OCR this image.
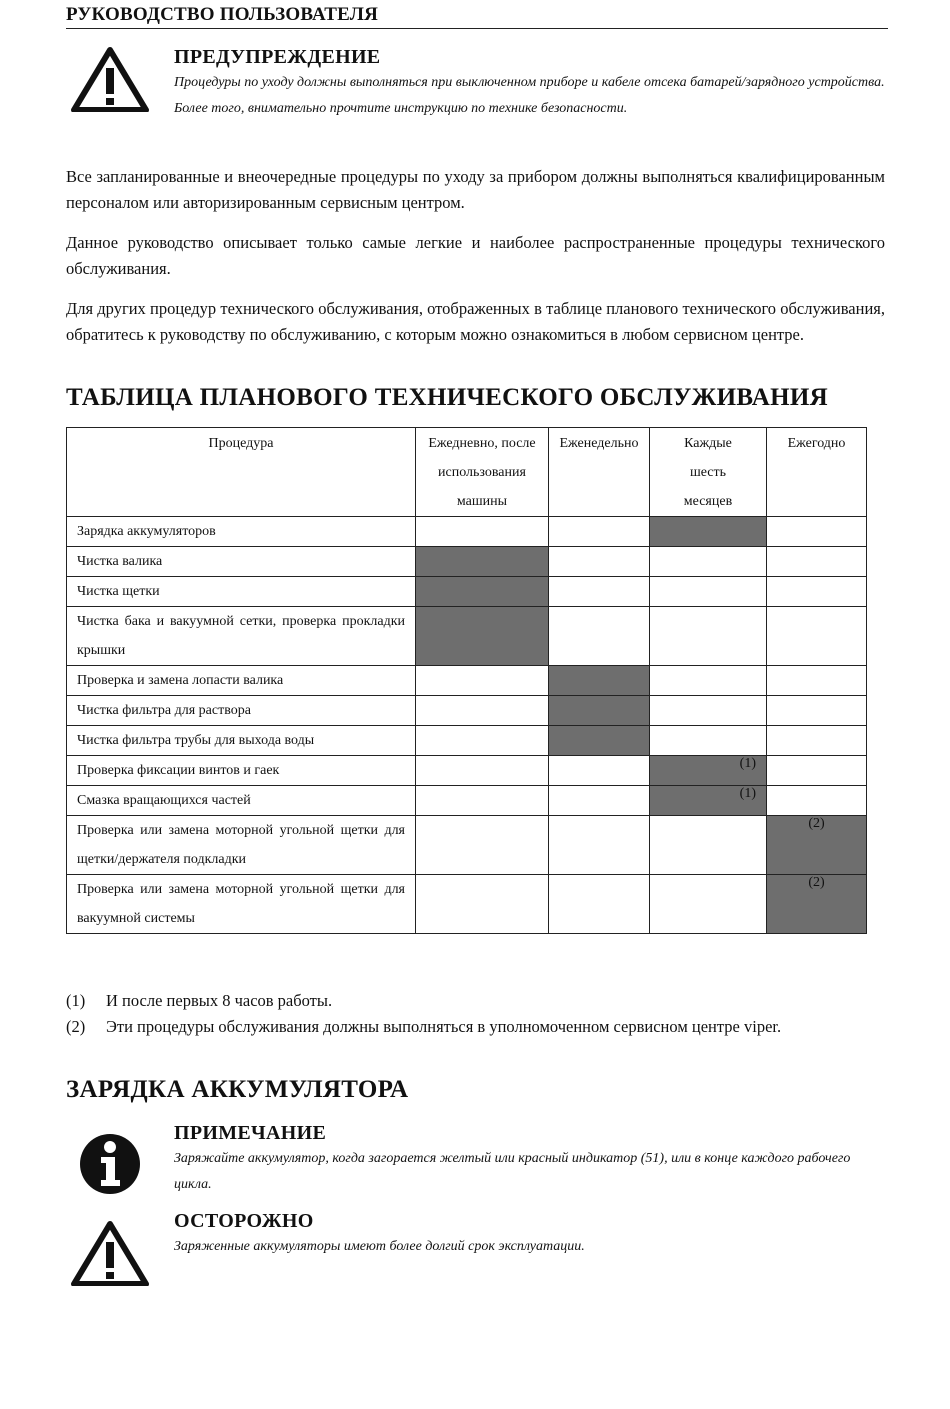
РУКОВОДСТВО ПОЛЬЗОВАТЕЛЯ
ПРЕДУПРЕЖДЕНИЕ
Процедуры по уходу должны выполняться при выключенном приборе и кабеле отсека батарей/зарядного устройства. Более того, внимательно прочтите инструкцию по технике безопасности.

Все запланированные и внеочередные процедуры по уходу за прибором должны выполняться квалифицированным персоналом или авторизированным сервисным центром.

Данное руководство описывает только самые легкие и наиболее распространенные процедуры технического обслуживания.

Для других процедур технического обслуживания, отображенных в таблице планового технического обслуживания, обратитесь к руководству по обслуживанию, с которым можно ознакомиться в любом сервисном центре.

ТАБЛИЦА ПЛАНОВОГО ТЕХНИЧЕСКОГО ОБСЛУЖИВАНИЯ
Процедура	Ежедневно, после использования машины	Еженедельно	Каждые шесть месяцев	Ежегодно
Зарядка аккумуляторов				
Чистка валика				
Чистка щетки				
Чистка бака и вакуумной сетки, проверка прокладки крышки				
Проверка и замена лопасти валика				
Чистка фильтра для раствора				
Чистка фильтра трубы для выхода воды				
Проверка фиксации винтов и гаек			(1)	

Смазка вращающихся частей			(1)	

Проверка или замена моторной угольной щетки для щетки/держателя подкладки				(2)

Проверка или замена моторной угольной щетки для вакуумной системы				(2)
(1) И после первых 8 часов работы.
(2) Эти процедуры обслуживания должны выполняться в уполномоченном сервисном центре viper.
ЗАРЯДКА АККУМУЛЯТОРА
ПРИМЕЧАНИЕ
Заряжайте аккумулятор, когда загорается желтый или красный индикатор (51), или в конце каждого рабочего цикла.
ОСТОРОЖНО
Заряженные аккумуляторы имеют более долгий срок эксплуатации.
